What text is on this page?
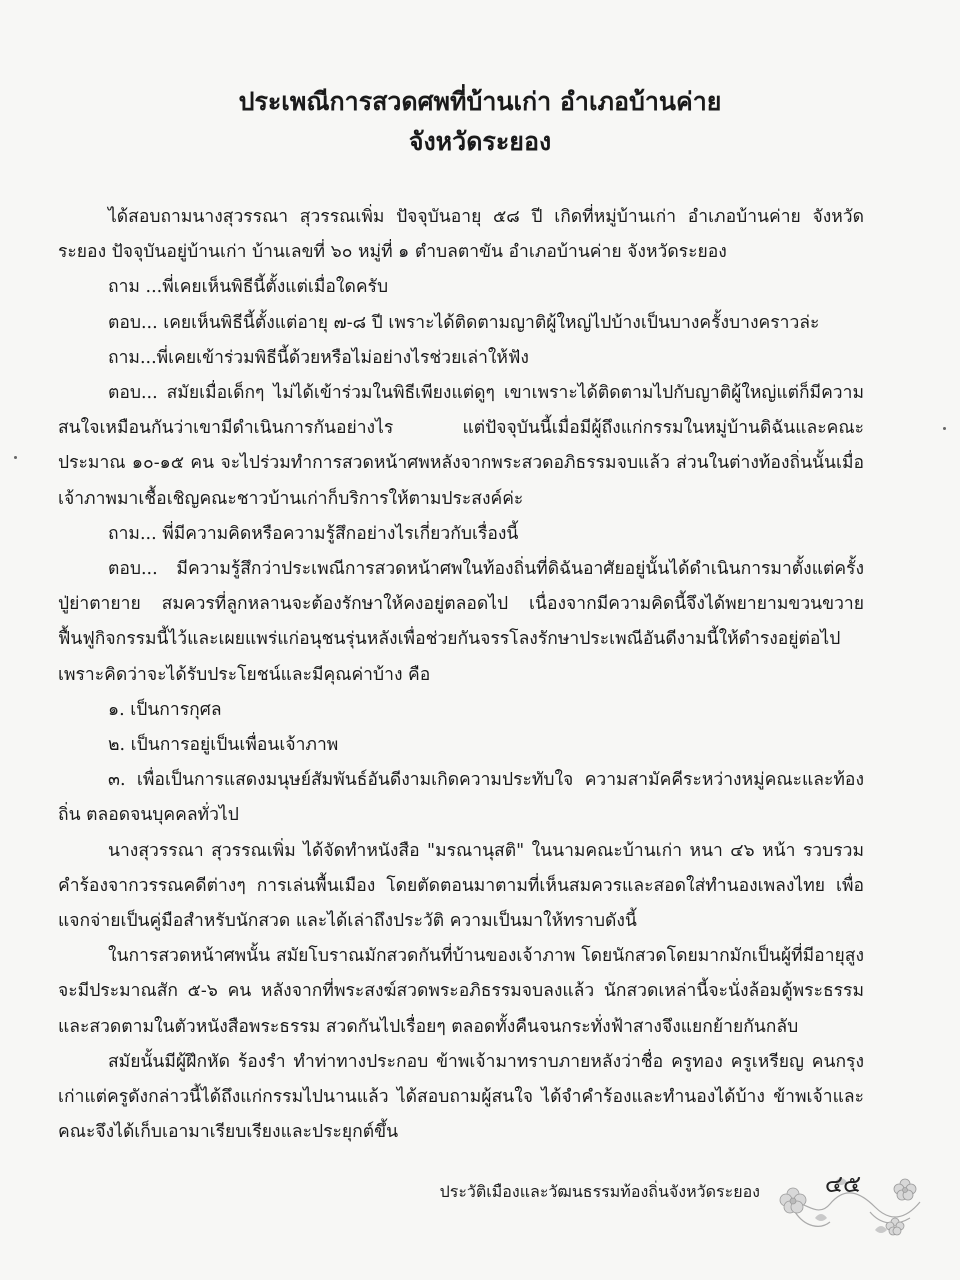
ประเพณีการสวดศพที่บ้านเก่า อำเภอบ้านค่าย
จังหวัดระยอง

ได้สอบถามนางสุวรรณา สุวรรณเพิ่ม ปัจจุบันอายุ ๕๘ ปี เกิดที่หมู่บ้านเก่า อำเภอบ้านค่าย จังหวัดระยอง ปัจจุบันอยู่บ้านเก่า บ้านเลขที่ ๖๐ หมู่ที่ ๑ ตำบลตาขัน อำเภอบ้านค่าย จังหวัดระยอง

ถาม ...พี่เคยเห็นพิธีนี้ตั้งแต่เมื่อใดครับ

ตอบ... เคยเห็นพิธีนี้ตั้งแต่อายุ ๗-๘ ปี เพราะได้ติดตามญาติผู้ใหญ่ไปบ้างเป็นบางครั้งบางคราวล่ะ

ถาม...พี่เคยเข้าร่วมพิธีนี้ด้วยหรือไม่อย่างไรช่วยเล่าให้ฟัง

ตอบ... สมัยเมื่อเด็กๆ ไม่ได้เข้าร่วมในพิธีเพียงแต่ดูๆ เขาเพราะได้ติดตามไปกับญาติผู้ใหญ่แต่ก็มีความสนใจเหมือนกันว่าเขามีดำเนินการกันอย่างไร แต่ปัจจุบันนี้เมื่อมีผู้ถึงแก่กรรมในหมู่บ้านดิฉันและคณะประมาณ ๑๐-๑๕ คน จะไปร่วมทำการสวดหน้าศพหลังจากพระสวดอภิธรรมจบแล้ว ส่วนในต่างท้องถิ่นนั้นเมื่อเจ้าภาพมาเชื้อเชิญคณะชาวบ้านเก่าก็บริการให้ตามประสงค์ค่ะ

ถาม... พี่มีความคิดหรือความรู้สึกอย่างไรเกี่ยวกับเรื่องนี้

ตอบ... มีความรู้สึกว่าประเพณีการสวดหน้าศพในท้องถิ่นที่ดิฉันอาศัยอยู่นั้นได้ดำเนินการมาตั้งแต่ครั้งปู่ย่าตายาย สมควรที่ลูกหลานจะต้องรักษาให้คงอยู่ตลอดไป เนื่องจากมีความคิดนี้จึงได้พยายามขวนขวายฟื้นฟูกิจกรรมนี้ไว้และเผยแพร่แก่อนุชนรุ่นหลังเพื่อช่วยกันจรรโลงรักษาประเพณีอันดีงามนี้ให้ดำรงอยู่ต่อไปเพราะคิดว่าจะได้รับประโยชน์และมีคุณค่าบ้าง คือ

๑. เป็นการกุศล

๒. เป็นการอยู่เป็นเพื่อนเจ้าภาพ

๓. เพื่อเป็นการแสดงมนุษย์สัมพันธ์อันดีงามเกิดความประทับใจ ความสามัคคีระหว่างหมู่คณะและท้องถิ่น ตลอดจนบุคคลทั่วไป

นางสุวรรณา สุวรรณเพิ่ม ได้จัดทำหนังสือ "มรณานุสติ" ในนามคณะบ้านเก่า หนา ๔๖ หน้า รวบรวมคำร้องจากวรรณคดีต่างๆ การเล่นพื้นเมือง โดยตัดตอนมาตามที่เห็นสมควรและสอดใส่ทำนองเพลงไทย เพื่อแจกจ่ายเป็นคู่มือสำหรับนักสวด และได้เล่าถึงประวัติ ความเป็นมาให้ทราบดังนี้

ในการสวดหน้าศพนั้น สมัยโบราณมักสวดกันที่บ้านของเจ้าภาพ โดยนักสวดโดยมากมักเป็นผู้ที่มีอายุสูง จะมีประมาณสัก ๕-๖ คน หลังจากที่พระสงฆ์สวดพระอภิธรรมจบลงแล้ว นักสวดเหล่านี้จะนั่งล้อมตู้พระธรรมและสวดตามในตัวหนังสือพระธรรม สวดกันไปเรื่อยๆ ตลอดทั้งคืนจนกระทั่งฟ้าสางจึงแยกย้ายกันกลับ

สมัยนั้นมีผู้ฝึกหัด ร้องรำ ทำท่าทางประกอบ ข้าพเจ้ามาทราบภายหลังว่าชื่อ ครูทอง ครูเหรียญ คนกรุงเก่าแต่ครูดังกล่าวนี้ได้ถึงแก่กรรมไปนานแล้ว ได้สอบถามผู้สนใจ ได้จำคำร้องและทำนองได้บ้าง ข้าพเจ้าและคณะจึงได้เก็บเอามาเรียบเรียงและประยุกต์ขึ้น

ประวัติเมืองและวัฒนธรรมท้องถิ่นจังหวัดระยอง	๔๕
